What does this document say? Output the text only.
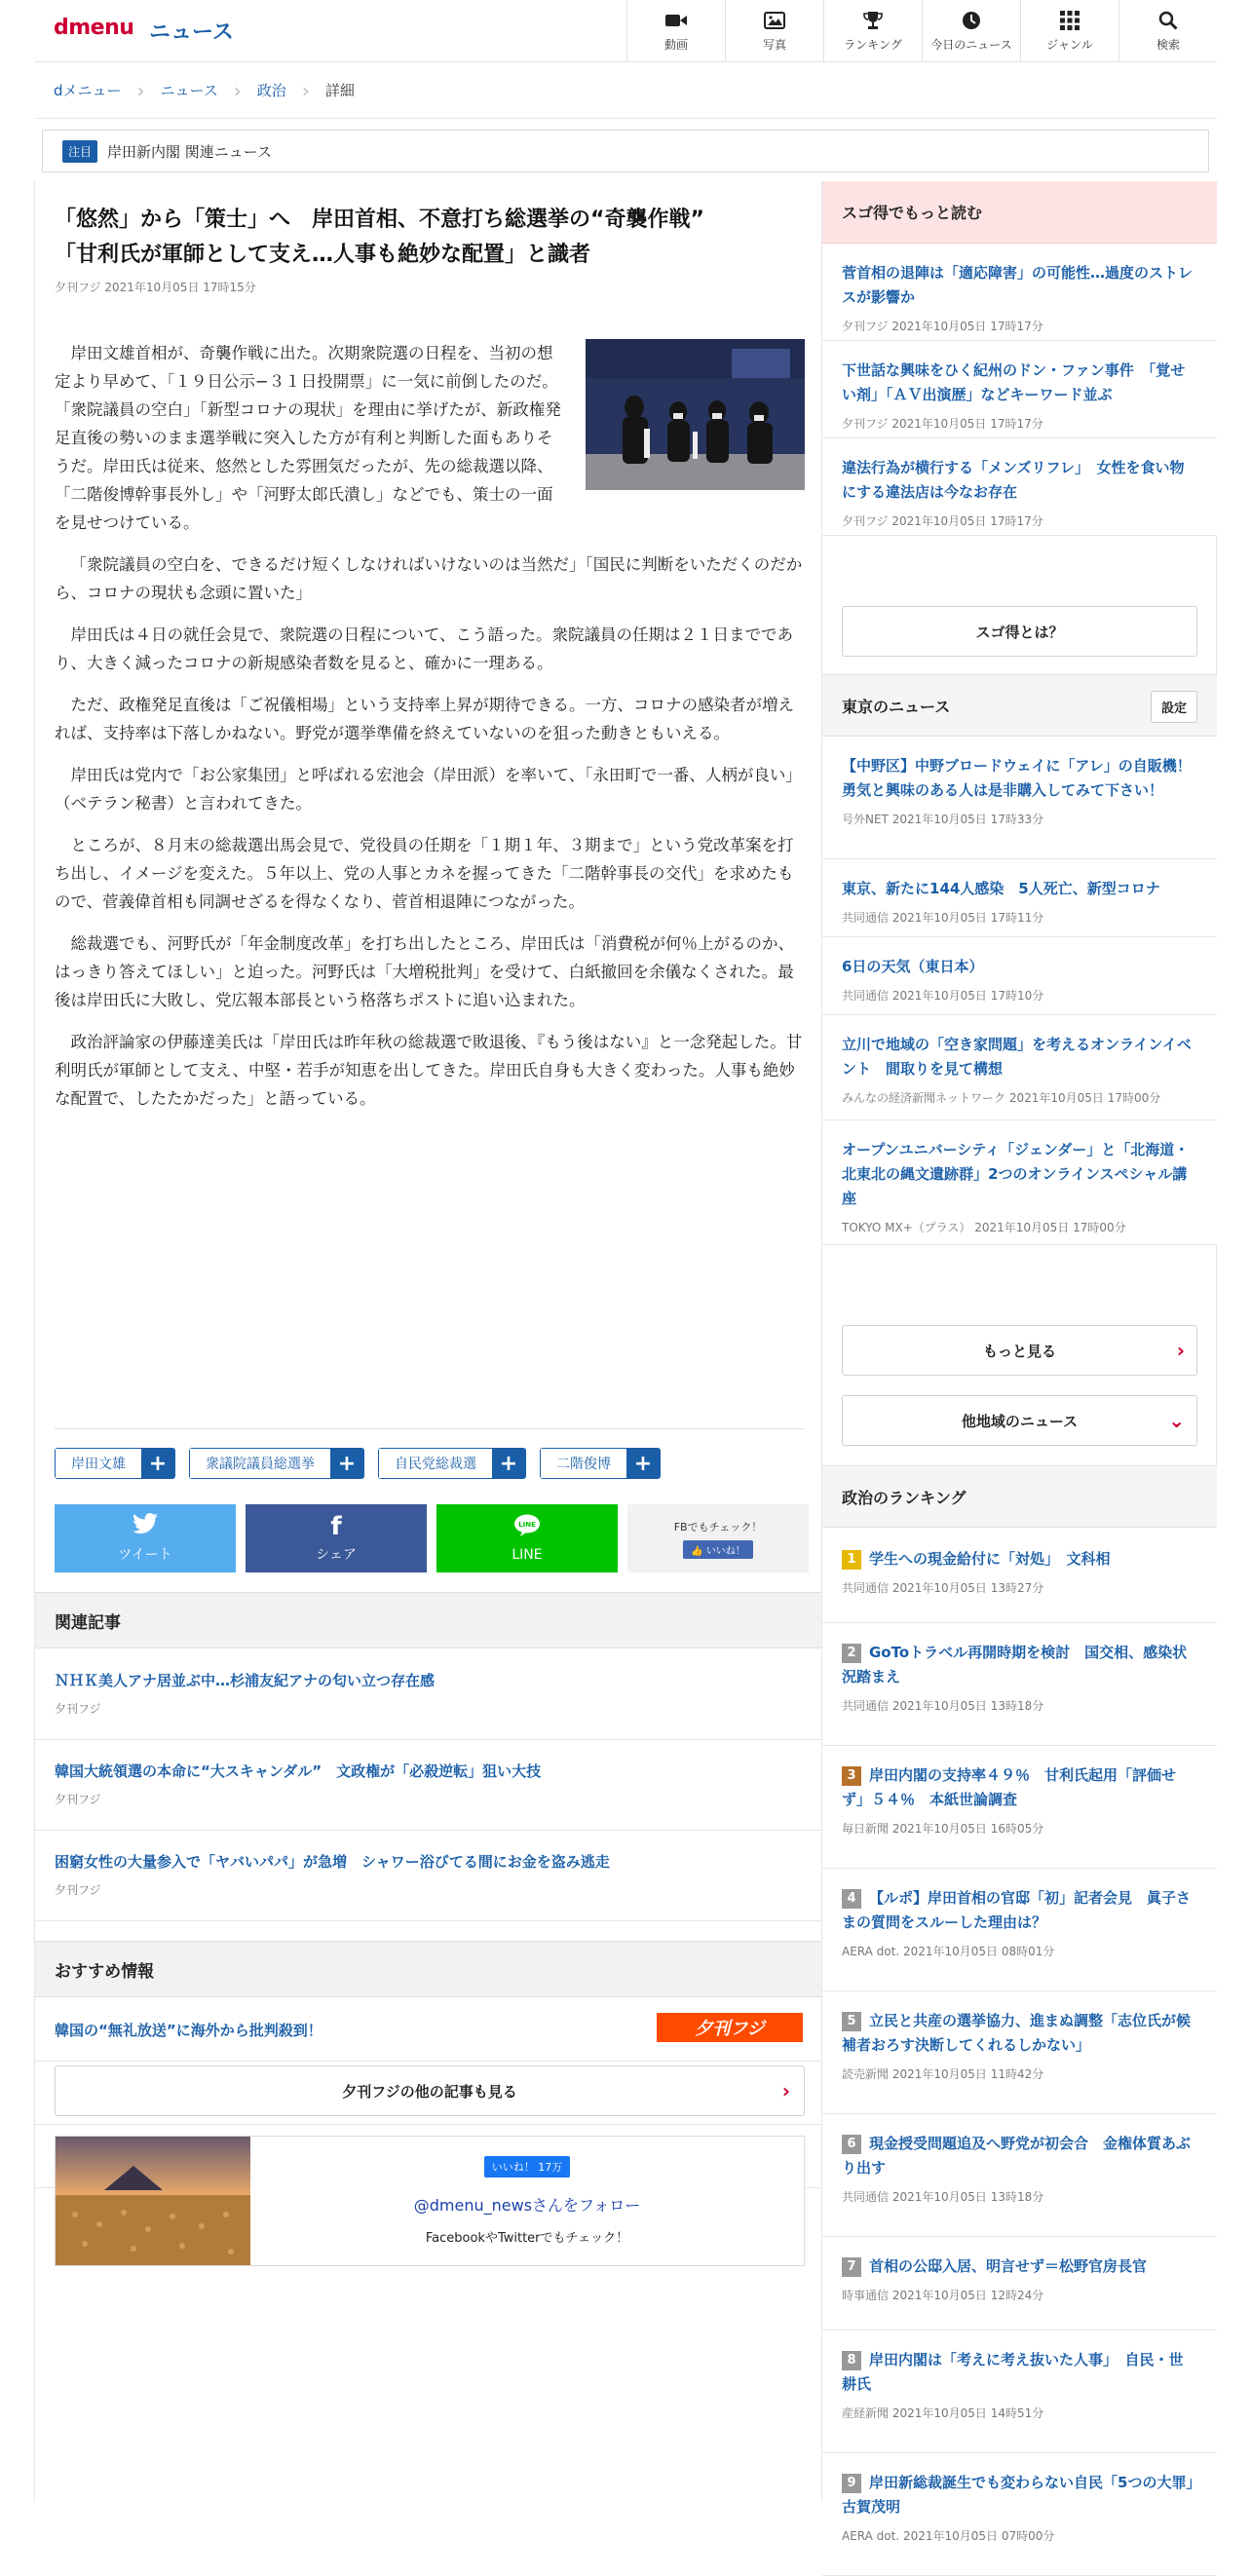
dmenu ニュース	動画	写真	ランキング 今日のニュース	ジャンル	検索
dメニュー ›	ニュース ›	政治 ›	詳細
注目	岸田新内閣 関連ニュース
「悠然」から「策士」へ　岸田首相、不意打ち総選挙の“奇襲作戦”
「甘利氏が軍師として支え…人事も絶妙な配置」と識者
夕刊フジ 2021年10月05日 17時15分

岸田文雄首相が、奇襲作戦に出た。次期衆院選の日程を、当初の想定より早めて、「１９日公示−３１日投開票」に一気に前倒したのだ。「衆院議員の空白」「新型コロナの現状」を理由に挙げたが、新政権発足直後の勢いのまま選挙戦に突入した方が有利と判断した面もありそうだ。岸田氏は従来、悠然とした雰囲気だったが、先の総裁選以降、「二階俊博幹事長外し」や「河野太郎氏潰し」などでも、策士の一面を見せつけている。

「衆院議員の空白を、できるだけ短くしなければいけないのは当然だ」「国民に判断をいただくのだから、コロナの現状も念頭に置いた」

岸田氏は４日の就任会見で、衆院選の日程について、こう語った。衆院議員の任期は２１日までであり、大きく減ったコロナの新規感染者数を見ると、確かに一理ある。

ただ、政権発足直後は「ご祝儀相場」という支持率上昇が期待できる。一方、コロナの感染者が増えれば、支持率は下落しかねない。野党が選挙準備を終えていないのを狙った動きともいえる。

岸田氏は党内で「お公家集団」と呼ばれる宏池会（岸田派）を率いて、「永田町で一番、人柄が良い」（ベテラン秘書）と言われてきた。

ところが、８月末の総裁選出馬会見で、党役員の任期を「１期１年、３期まで」という党改革案を打ち出し、イメージを変えた。５年以上、党の人事とカネを握ってきた「二階幹事長の交代」を求めたもので、菅義偉首相も同調せざるを得なくなり、菅首相退陣につながった。

総裁選でも、河野氏が「年金制度改革」を打ち出したところ、岸田氏は「消費税が何％上がるのか、はっきり答えてほしい」と迫った。河野氏は「大増税批判」を受けて、白紙撤回を余儀なくされた。最後は岸田氏に大敗し、党広報本部長という格落ちポストに追い込まれた。

政治評論家の伊藤達美氏は「岸田氏は昨年秋の総裁選で敗退後、『もう後はない』と一念発起した。甘利明氏が軍師として支え、中堅・若手が知恵を出してきた。岸田氏自身も大きく変わった。人事も絶妙な配置で、したたかだった」と語っている。

岸田文雄	+	衆議院議員総選挙	+	自民党総裁選	+	二階俊博	+
ツイート
f
シェア
LINE
LINE
FBでもチェック！
👍 いいね！
関連記事
ＮＨＫ美人アナ居並ぶ中…杉浦友紀アナの匂い立つ存在感
夕刊フジ
韓国大統領選の本命に“大スキャンダル”　文政権が「必殺逆転」狙い大技
夕刊フジ
困窮女性の大量参入で「ヤバいパパ」が急増　シャワー浴びてる間にお金を盗み逃走
夕刊フジ
おすすめ情報
韓国の“無礼放送”に海外から批判殺到！	夕刊フジ
夕刊フジの他の記事も見る	›
いいね！ 17万
@dmenu_newsさんをフォロー
FacebookやTwitterでもチェック！
スゴ得でもっと読む
菅首相の退陣は「適応障害」の可能性…過度のストレスが影響か
夕刊フジ 2021年10月05日 17時17分
下世話な興味をひく紀州のドン・ファン事件　「覚せい剤」「ＡＶ出演歴」などキーワード並ぶ
夕刊フジ 2021年10月05日 17時17分
違法行為が横行する「メンズリフレ」　女性を食い物にする違法店は今なお存在
夕刊フジ 2021年10月05日 17時17分
スゴ得とは？
東京のニュース	設定
【中野区】中野ブロードウェイに「アレ」の自販機！勇気と興味のある人は是非購入してみて下さい！
号外NET 2021年10月05日 17時33分
東京、新たに144人感染　5人死亡、新型コロナ
共同通信 2021年10月05日 17時11分
6日の天気（東日本）
共同通信 2021年10月05日 17時10分
立川で地域の「空き家問題」を考えるオンラインイベント　間取りを見て構想
みんなの経済新聞ネットワーク 2021年10月05日 17時00分
オープンユニバーシティ「ジェンダー」と「北海道・北東北の縄文遺跡群」2つのオンラインスペシャル講座
TOKYO MX+（プラス） 2021年10月05日 17時00分
もっと見る	›
他地域のニュース	⌄
政治のランキング
1 学生への現金給付に「対処」　文科相
共同通信 2021年10月05日 13時27分
2 GoToトラベル再開時期を検討　国交相、感染状況踏まえ
共同通信 2021年10月05日 13時18分
3 岸田内閣の支持率４９％　甘利氏起用「評価せず」５４％　本紙世論調査
毎日新聞 2021年10月05日 16時05分
4 【ルポ】岸田首相の官邸「初」記者会見　眞子さまの質問をスルーした理由は？
AERA dot. 2021年10月05日 08時01分
5 立民と共産の選挙協力、進まぬ調整「志位氏が候補者おろす決断してくれるしかない」
読売新聞 2021年10月05日 11時42分
6 現金授受問題追及へ野党が初会合　金権体質あぶり出す
共同通信 2021年10月05日 13時18分
7 首相の公邸入居、明言せず＝松野官房長官
時事通信 2021年10月05日 12時24分
8 岸田内閣は「考えに考え抜いた人事」　自民・世耕氏
産経新聞 2021年10月05日 14時51分
9 岸田新総裁誕生でも変わらない自民「5つの大罪」古賀茂明
AERA dot. 2021年10月05日 07時00分
